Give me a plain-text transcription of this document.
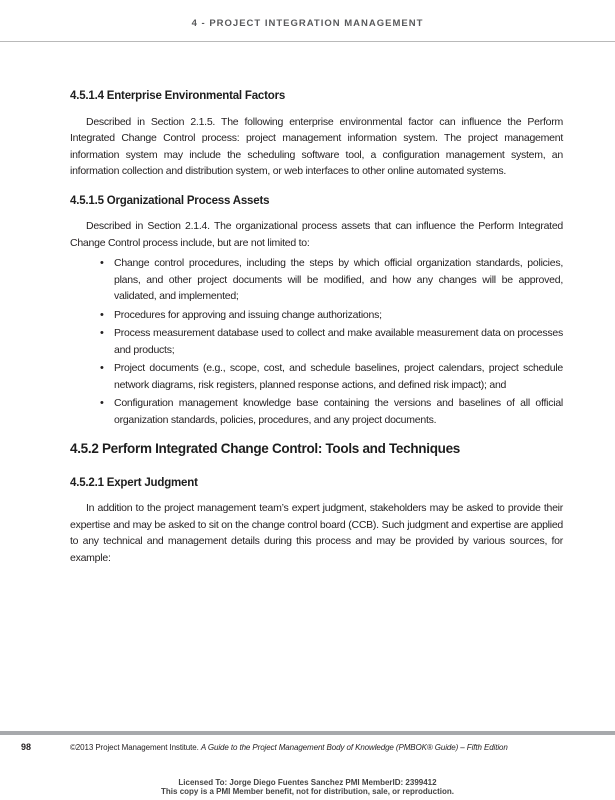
4 - PROJECT INTEGRATION MANAGEMENT
4.5.1.4 Enterprise Environmental Factors

Described in Section 2.1.5. The following enterprise environmental factor can influence the Perform Integrated Change Control process: project management information system. The project management information system may include the scheduling software tool, a configuration management system, an information collection and distribution system, or web interfaces to other online automated systems.

4.5.1.5 Organizational Process Assets

Described in Section 2.1.4. The organizational process assets that can influence the Perform Integrated Change Control process include, but are not limited to:

• Change control procedures, including the steps by which official organization standards, policies, plans, and other project documents will be modified, and how any changes will be approved, validated, and implemented;
• Procedures for approving and issuing change authorizations;
• Process measurement database used to collect and make available measurement data on processes and products;
• Project documents (e.g., scope, cost, and schedule baselines, project calendars, project schedule network diagrams, risk registers, planned response actions, and defined risk impact); and
• Configuration management knowledge base containing the versions and baselines of all official organization standards, policies, procedures, and any project documents.
4.5.2 Perform Integrated Change Control: Tools and Techniques
4.5.2.1 Expert Judgment

In addition to the project management team’s expert judgment, stakeholders may be asked to provide their expertise and may be asked to sit on the change control board (CCB). Such judgment and expertise are applied to any technical and management details during this process and may be provided by various sources, for example:

98	©2013 Project Management Institute. A Guide to the Project Management Body of Knowledge (PMBOK® Guide) – Fifth Edition
Licensed To: Jorge Diego Fuentes Sanchez PMI MemberID: 2399412
This copy is a PMI Member benefit, not for distribution, sale, or reproduction.
